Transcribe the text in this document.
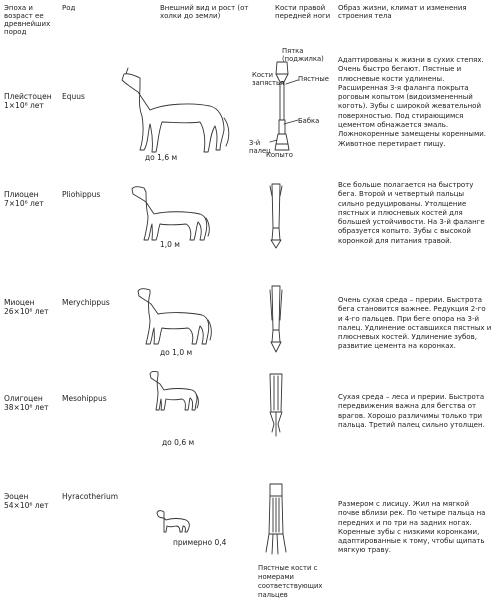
Эпоха и возраст ее древнейших пород
Род	Внешний вид и рост (от холки до земли)
Кости правой передней ноги
Образ жизни, климат и изменения строения тела
Плейстоцен
1×10⁶ лет
Equus
до 1,6 м
Адаптированы к жизни в сухих степях. Очень быстро бегают. Пястные и плюсневые кости удлинены. Расширенная 3-я фаланга покрыта роговым копытом (видоизмененный коготь). Зубы с широкой жевательной поверхностью. Под стирающимся цементом обнажается эмаль. Ложнокоренные замещены коренными. Животное перетирает пищу.
Плиоцен
7×10⁶ лет
Pliohippus
1,0 м
Все больше полагается на быстроту бега. Второй и четвертый пальцы сильно редуцированы. Утолщение пястных и плюсневых костей для большей устойчивости. На 3-й фаланге образуется копыто. Зубы с высокой коронкой для питания травой.
Миоцен
26×10⁶ лет
Merychippus
до 1,0 м
Очень сухая среда – прерии. Быстрота бега становится важнее. Редукция 2-го и 4-го пальцев. При беге опора на 3-й палец. Удлинение оставшихся пястных и плюсневых костей. Удлинение зубов, развитие цемента на коронках.
Олигоцен
38×10⁶ лет
Mesohippus
до 0,6 м
Сухая среда – леса и прерии. Быстрота передвижения важна для бегства от врагов. Хорошо различимы только три пальца. Третий палец сильно утолщен.
Эоцен
54×10⁶ лет
Hyracotherium
примерно 0,4
Размером с лисицу. Жил на мягкой почве вблизи рек. По четыре пальца на передних и по три на задних ногах. Коренные зубы с низкими коронками, адаптированные к тому, чтобы щипать мягкую траву.
Пятка (поджилка)
Кости запястья Пястные
Бабка
3-й палец
Копыто
Пястные кости с номерами соответствующих пальцев
